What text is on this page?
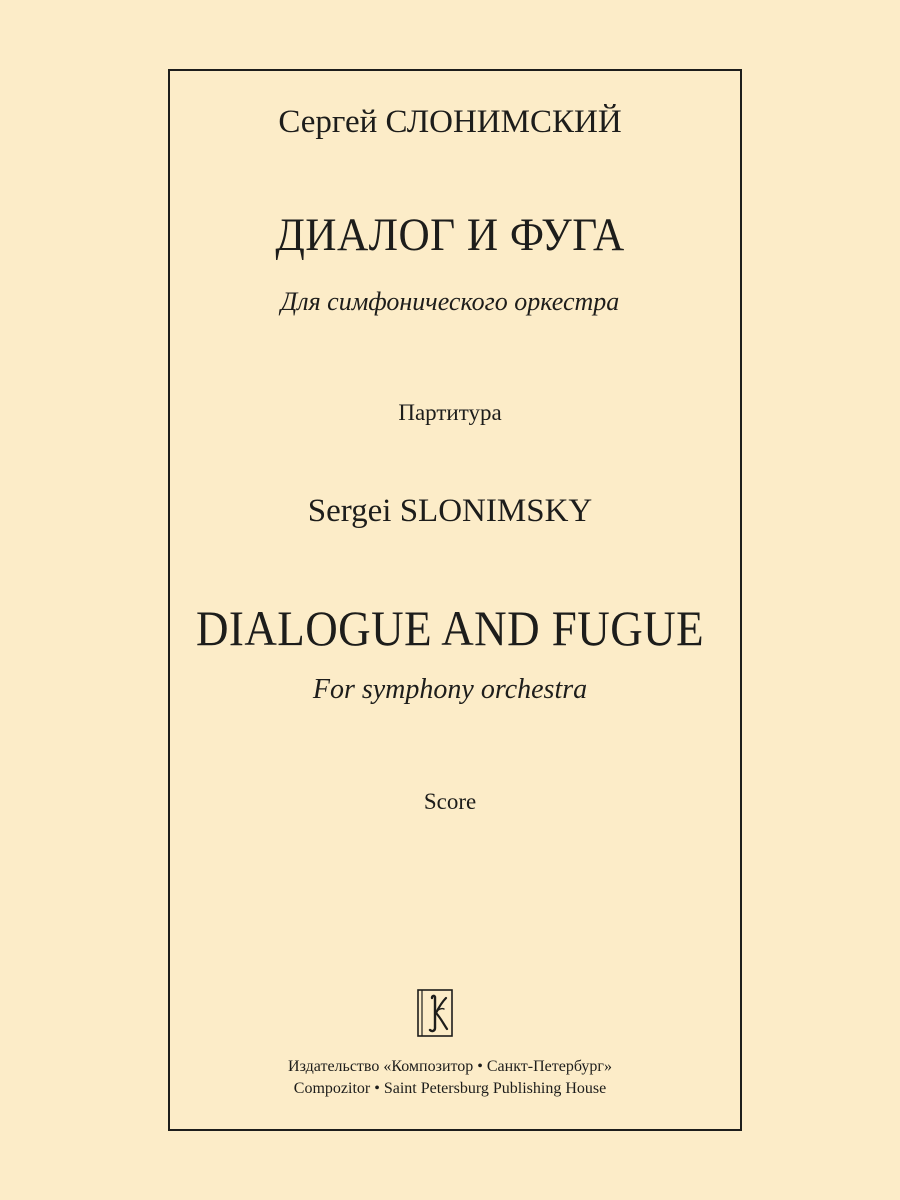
Сергей СЛОНИМСКИЙ
ДИАЛОГ И ФУГА
Для симфонического оркестра
Партитура
Sergei SLONIMSKY
DIALOGUE AND FUGUE
For symphony orchestra
Score
Издательство «Композитор • Санкт-Петербург»
Compozitor • Saint Petersburg Publishing House
